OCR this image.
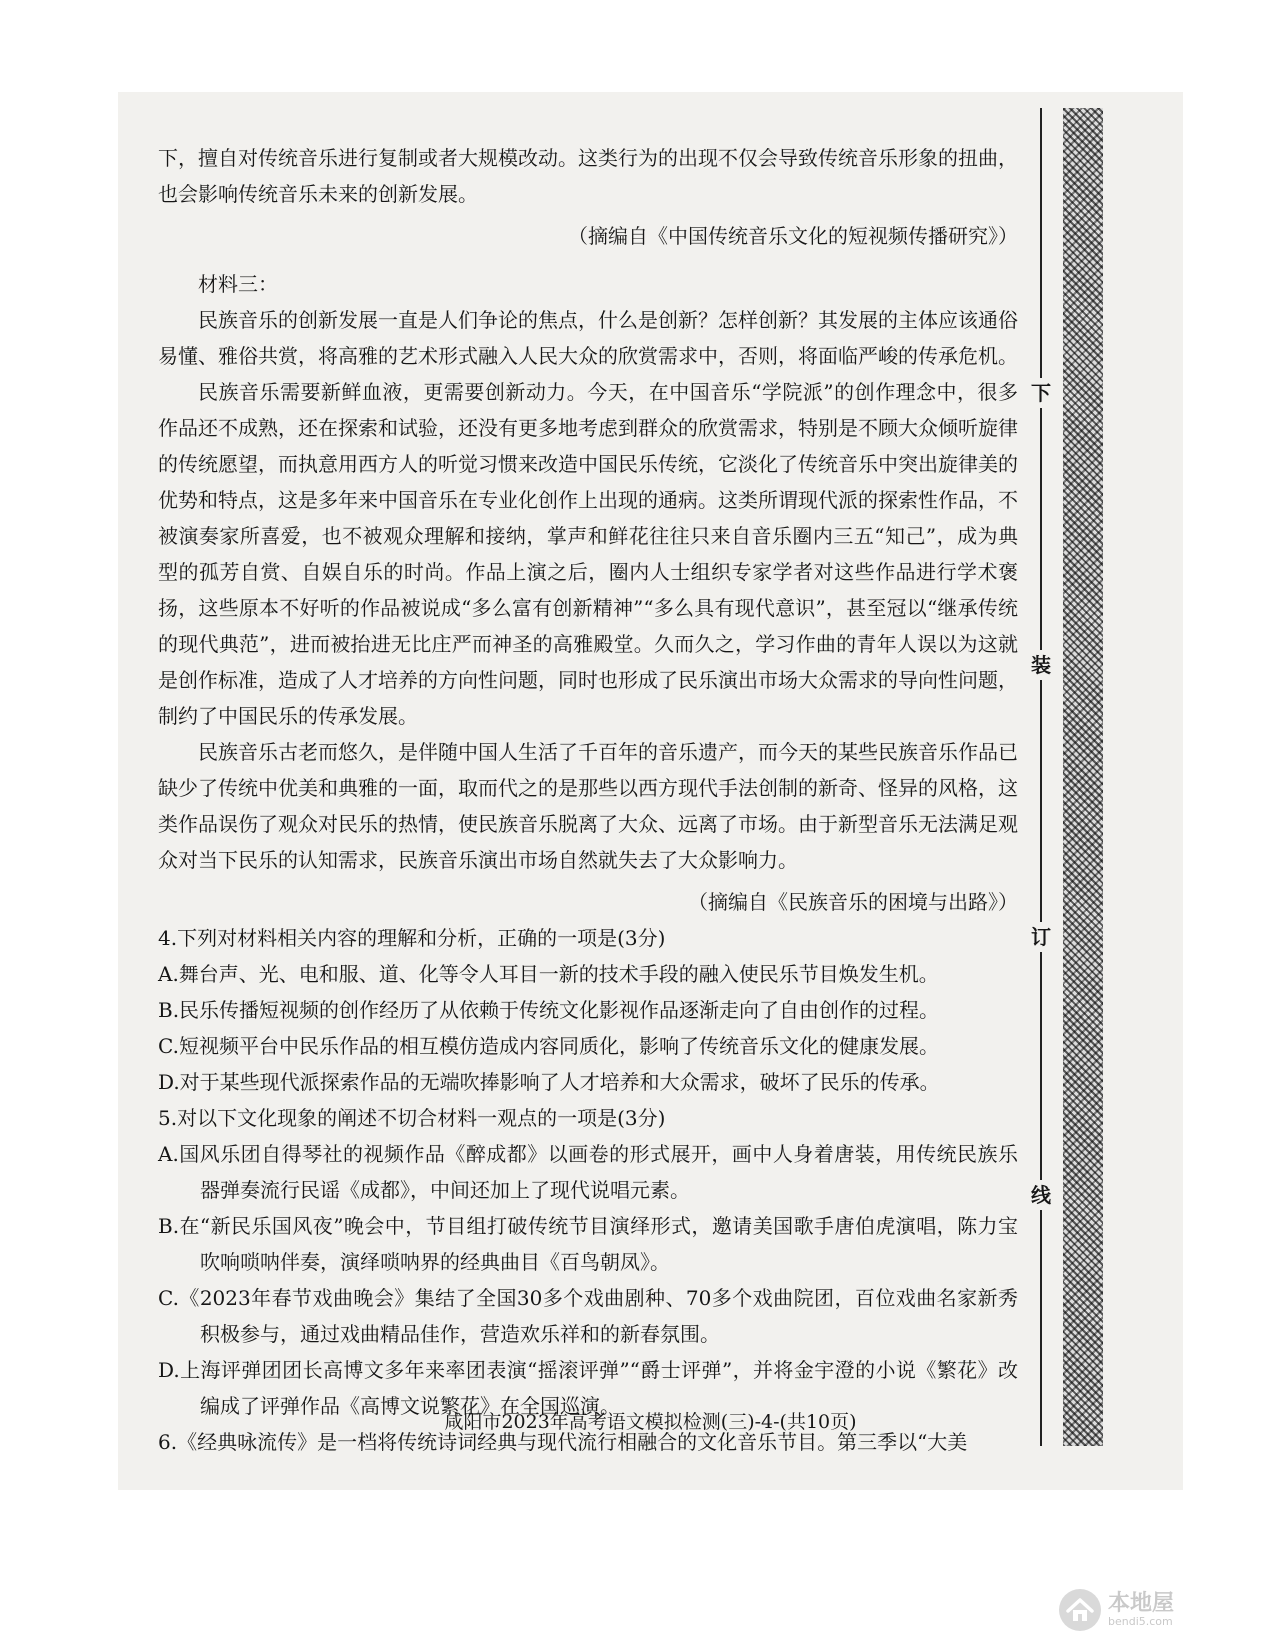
下，擅自对传统音乐进行复制或者大规模改动。这类行为的出现不仅会导致传统音乐形象的扭曲，也会影响传统音乐未来的创新发展。

（摘编自《中国传统音乐文化的短视频传播研究》）

材料三：

民族音乐的创新发展一直是人们争论的焦点，什么是创新？怎样创新？其发展的主体应该通俗易懂、雅俗共赏，将高雅的艺术形式融入人民大众的欣赏需求中，否则，将面临严峻的传承危机。

民族音乐需要新鲜血液，更需要创新动力。今天，在中国音乐“学院派”的创作理念中，很多作品还不成熟，还在探索和试验，还没有更多地考虑到群众的欣赏需求，特别是不顾大众倾听旋律的传统愿望，而执意用西方人的听觉习惯来改造中国民乐传统，它淡化了传统音乐中突出旋律美的优势和特点，这是多年来中国音乐在专业化创作上出现的通病。这类所谓现代派的探索性作品，不被演奏家所喜爱，也不被观众理解和接纳，掌声和鲜花往往只来自音乐圈内三五“知己”，成为典型的孤芳自赏、自娱自乐的时尚。作品上演之后，圈内人士组织专家学者对这些作品进行学术褒扬，这些原本不好听的作品被说成“多么富有创新精神”“多么具有现代意识”，甚至冠以“继承传统的现代典范”，进而被抬进无比庄严而神圣的高雅殿堂。久而久之，学习作曲的青年人误以为这就是创作标准，造成了人才培养的方向性问题，同时也形成了民乐演出市场大众需求的导向性问题，制约了中国民乐的传承发展。

民族音乐古老而悠久，是伴随中国人生活了千百年的音乐遗产，而今天的某些民族音乐作品已缺少了传统中优美和典雅的一面，取而代之的是那些以西方现代手法创制的新奇、怪异的风格，这类作品误伤了观众对民乐的热情，使民族音乐脱离了大众、远离了市场。由于新型音乐无法满足观众对当下民乐的认知需求，民族音乐演出市场自然就失去了大众影响力。

（摘编自《民族音乐的困境与出路》）

4.下列对材料相关内容的理解和分析，正确的一项是(3分)

A.舞台声、光、电和服、道、化等令人耳目一新的技术手段的融入使民乐节目焕发生机。

B.民乐传播短视频的创作经历了从依赖于传统文化影视作品逐渐走向了自由创作的过程。

C.短视频平台中民乐作品的相互模仿造成内容同质化，影响了传统音乐文化的健康发展。

D.对于某些现代派探索作品的无端吹捧影响了人才培养和大众需求，破坏了民乐的传承。

5.对以下文化现象的阐述不切合材料一观点的一项是(3分)

A.国风乐团自得琴社的视频作品《醉成都》以画卷的形式展开，画中人身着唐装，用传统民族乐器弹奏流行民谣《成都》，中间还加上了现代说唱元素。

B.在“新民乐国风夜”晚会中，节目组打破传统节目演绎形式，邀请美国歌手唐伯虎演唱，陈力宝吹响唢呐伴奏，演绎唢呐界的经典曲目《百鸟朝凤》。

C.《2023年春节戏曲晚会》集结了全国30多个戏曲剧种、70多个戏曲院团，百位戏曲名家新秀积极参与，通过戏曲精品佳作，营造欢乐祥和的新春氛围。

D.上海评弹团团长高博文多年来率团表演“摇滚评弹”“爵士评弹”，并将金宇澄的小说《繁花》改编成了评弹作品《高博文说繁花》在全国巡演。

6.《经典咏流传》是一档将传统诗词经典与现代流行相融合的文化音乐节目。第三季以“大美

咸阳市2023年高考语文模拟检测(三)-4-(共10页)
下
装
订
线
本地屋
bendi5.com
